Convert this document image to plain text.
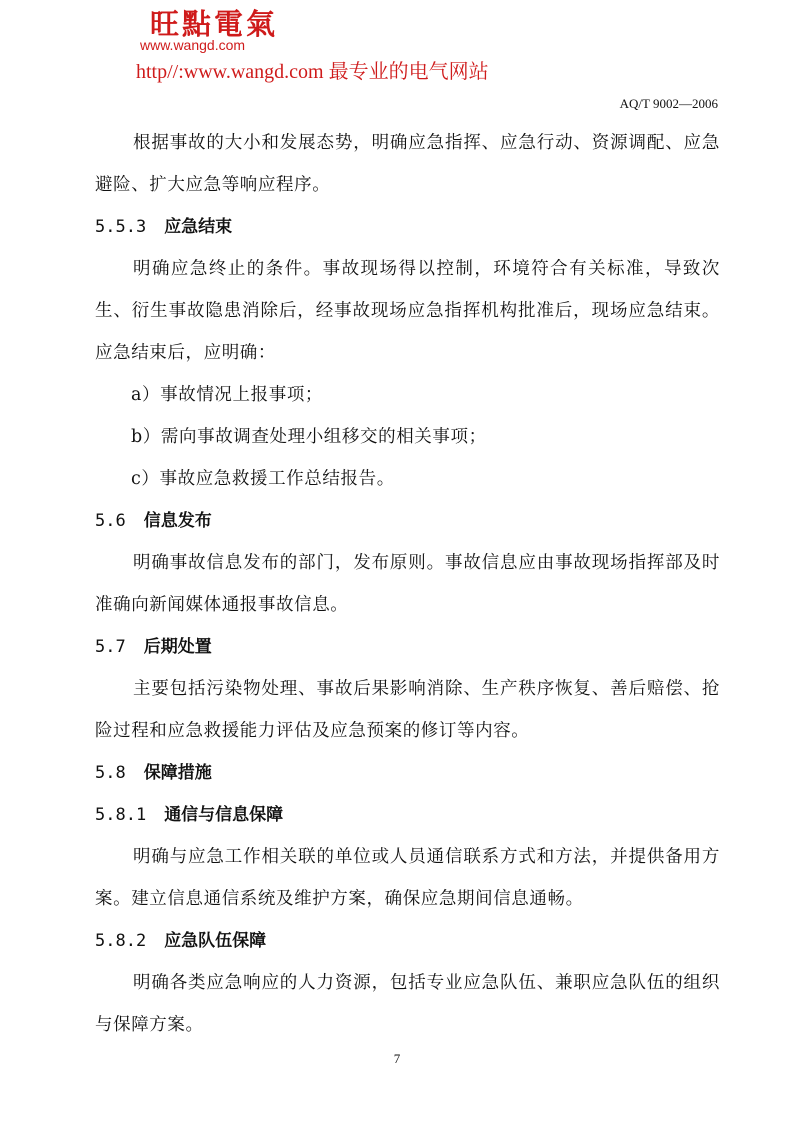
旺點電氣
www.wangd.com
http//:www.wangd.com 最专业的电气网站
AQ/T 9002—2006

根据事故的大小和发展态势，明确应急指挥、应急行动、资源调配、应急避险、扩大应急等响应程序。

5.5.3 应急结束

明确应急终止的条件。事故现场得以控制，环境符合有关标准，导致次生、衍生事故隐患消除后，经事故现场应急指挥机构批准后，现场应急结束。应急结束后，应明确：

a）事故情况上报事项；

b）需向事故调查处理小组移交的相关事项；

c）事故应急救援工作总结报告。

5.6 信息发布

明确事故信息发布的部门，发布原则。事故信息应由事故现场指挥部及时准确向新闻媒体通报事故信息。

5.7 后期处置

主要包括污染物处理、事故后果影响消除、生产秩序恢复、善后赔偿、抢险过程和应急救援能力评估及应急预案的修订等内容。

5.8 保障措施

5.8.1 通信与信息保障

明确与应急工作相关联的单位或人员通信联系方式和方法，并提供备用方案。建立信息通信系统及维护方案，确保应急期间信息通畅。

5.8.2 应急队伍保障

明确各类应急响应的人力资源，包括专业应急队伍、兼职应急队伍的组织与保障方案。

7
